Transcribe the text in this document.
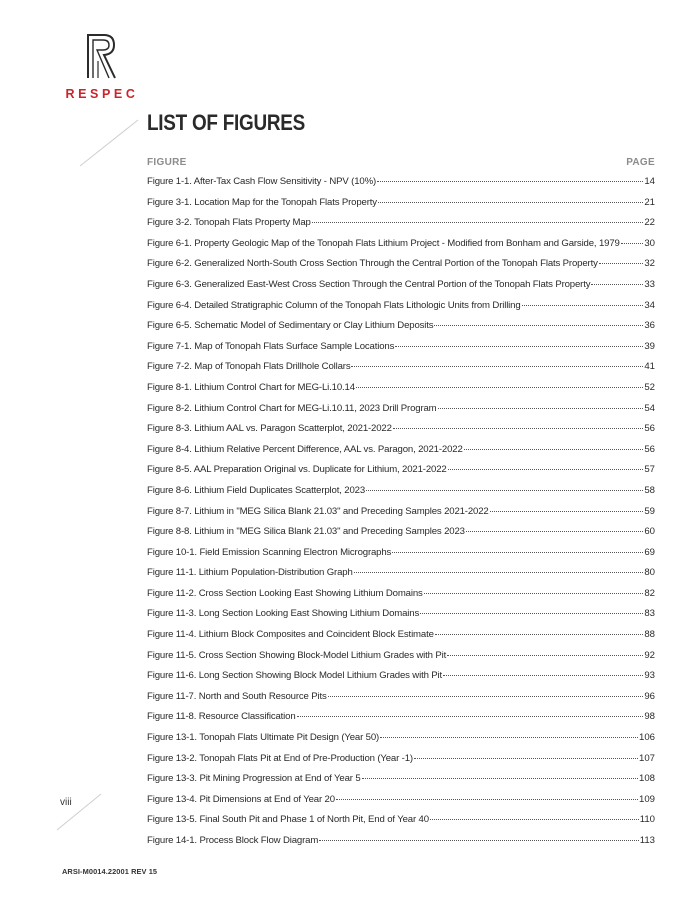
RESPEC
LIST OF FIGURES
FIGURE	PAGE
Figure 1-1. After-Tax Cash Flow Sensitivity - NPV (10%)	14
Figure 3-1. Location Map for the Tonopah Flats Property	21
Figure 3-2. Tonopah Flats Property Map	22
Figure 6-1. Property Geologic Map of the Tonopah Flats Lithium Project - Modified from Bonham and Garside, 1979	30
Figure 6-2. Generalized North-South Cross Section Through the Central Portion of the Tonopah Flats Property	32
Figure 6-3. Generalized East-West Cross Section Through the Central Portion of the Tonopah Flats Property	33
Figure 6-4. Detailed Stratigraphic Column of the Tonopah Flats Lithologic Units from Drilling	34
Figure 6-5. Schematic Model of Sedimentary or Clay Lithium Deposits	36
Figure 7-1. Map of Tonopah Flats Surface Sample Locations	39
Figure 7-2. Map of Tonopah Flats Drillhole Collars	41
Figure 8-1. Lithium Control Chart for MEG-Li.10.14	52
Figure 8-2. Lithium Control Chart for MEG-Li.10.11, 2023 Drill Program	54
Figure 8-3. Lithium AAL vs. Paragon Scatterplot, 2021-2022	56
Figure 8-4. Lithium Relative Percent Difference, AAL vs. Paragon, 2021-2022	56
Figure 8-5. AAL Preparation Original vs. Duplicate for Lithium, 2021-2022	57
Figure 8-6. Lithium Field Duplicates Scatterplot, 2023	58
Figure 8-7. Lithium in "MEG Silica Blank 21.03" and Preceding Samples 2021-2022	59
Figure 8-8. Lithium in "MEG Silica Blank 21.03" and Preceding Samples 2023	60
Figure 10-1. Field Emission Scanning Electron Micrographs	69
Figure 11-1. Lithium Population-Distribution Graph	80
Figure 11-2. Cross Section Looking East Showing Lithium Domains	82
Figure 11-3. Long Section Looking East Showing Lithium Domains	83
Figure 11-4. Lithium Block Composites and Coincident Block Estimate	88
Figure 11-5. Cross Section Showing Block-Model Lithium Grades with Pit	92
Figure 11-6. Long Section Showing Block Model Lithium Grades with Pit	93
Figure 11-7. North and South Resource Pits	96
Figure 11-8. Resource Classification	98
Figure 13-1. Tonopah Flats Ultimate Pit Design (Year 50)	106
Figure 13-2. Tonopah Flats Pit at End of Pre-Production (Year -1)	107
Figure 13-3. Pit Mining Progression at End of Year 5	108
Figure 13-4. Pit Dimensions at End of Year 20	109
Figure 13-5. Final South Pit and Phase 1 of North Pit, End of Year 40	110
Figure 14-1. Process Block Flow Diagram	113
viii
ARSI-M0014.22001 REV 15
